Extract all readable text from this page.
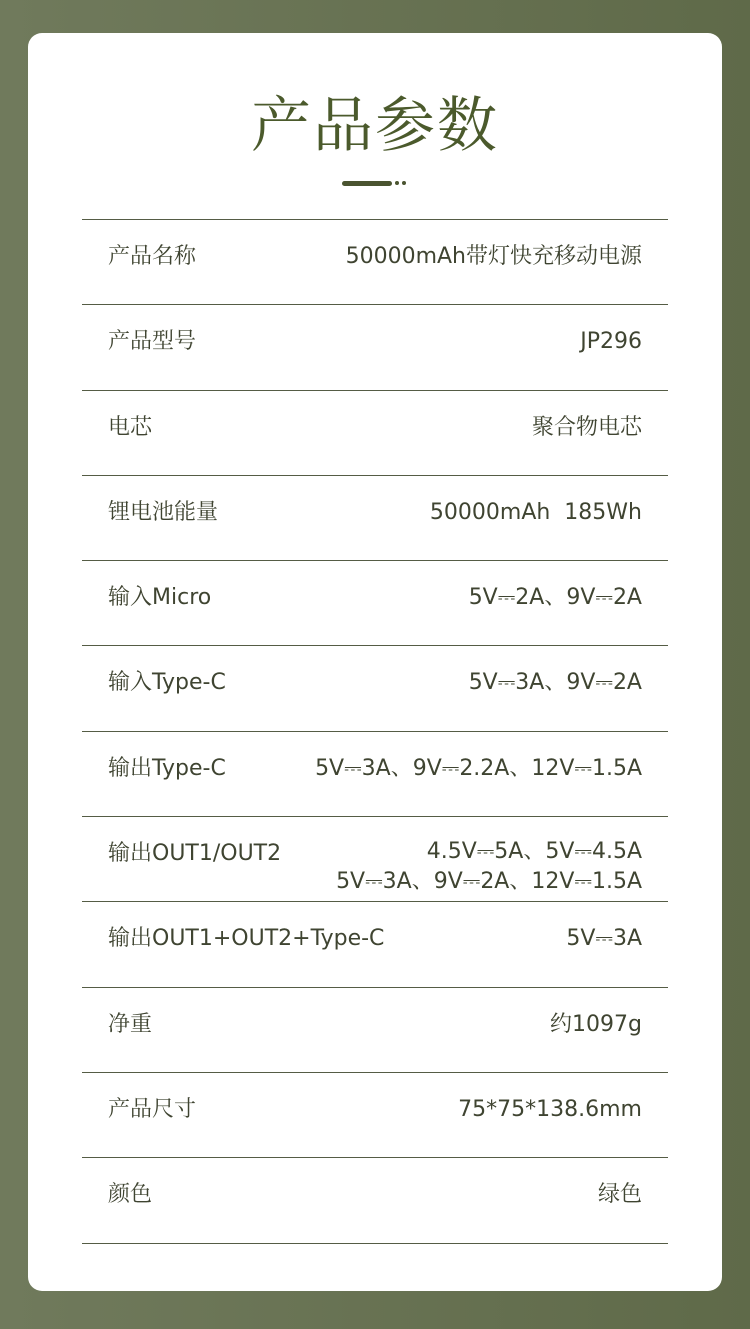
产品参数
产品名称	50000mAh带灯快充移动电源
产品型号	JP296
电芯	聚合物电芯
锂电池能量	50000mAh  185Wh
输入Micro	5V⎓2A、9V⎓2A
输入Type-C	5V⎓3A、9V⎓2A
输出Type-C	5V⎓3A、9V⎓2.2A、12V⎓1.5A
输出OUT1/OUT2	4.5V⎓5A、5V⎓4.5A
5V⎓3A、9V⎓2A、12V⎓1.5A
输出OUT1+OUT2+Type-C	5V⎓3A
净重	约1097g
产品尺寸	75*75*138.6mm
颜色	绿色
